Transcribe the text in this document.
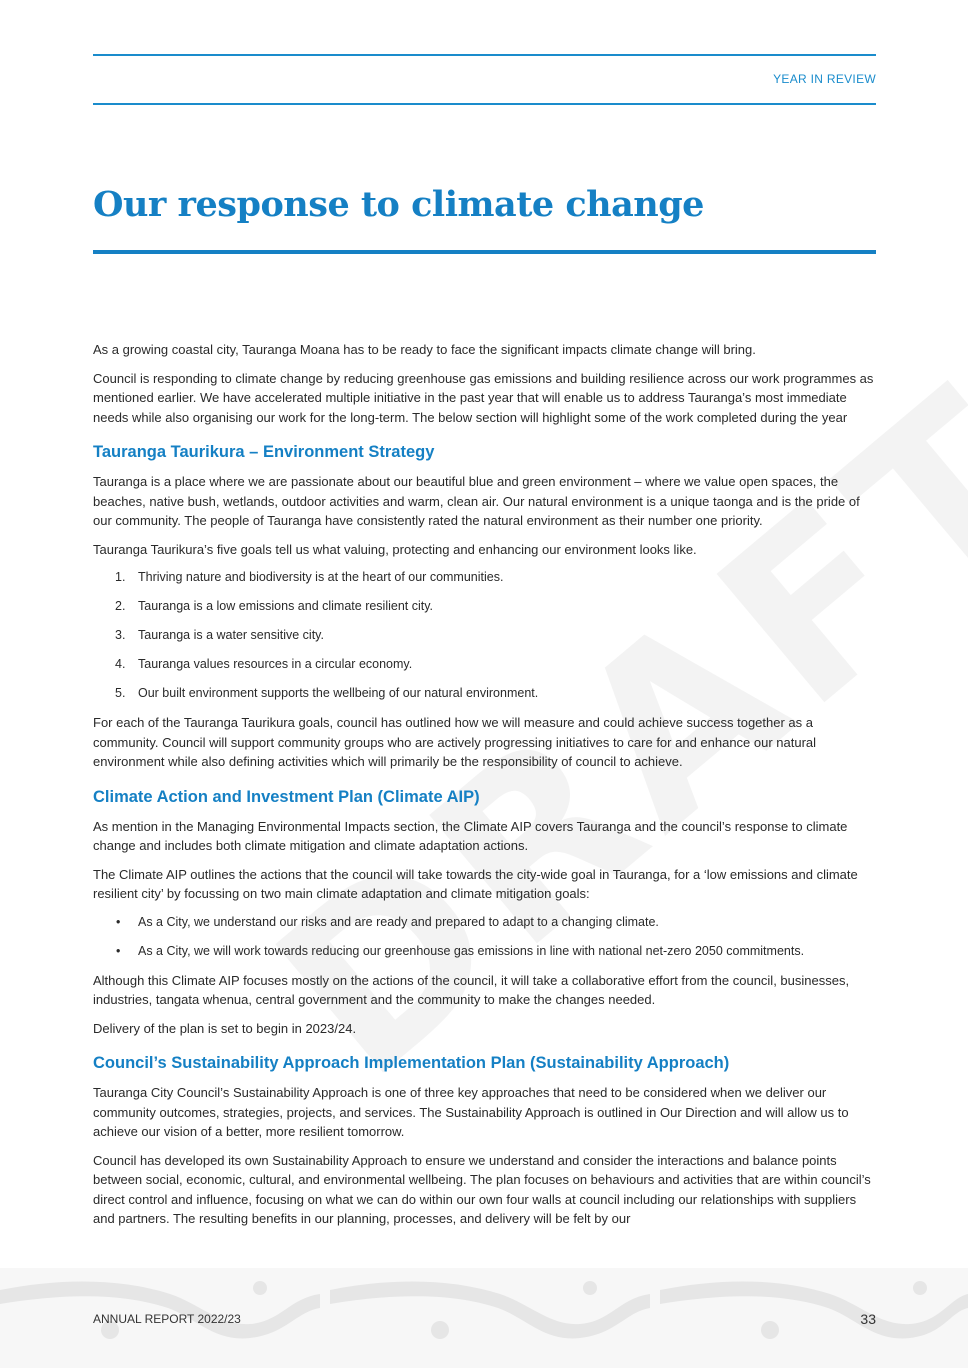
YEAR IN REVIEW
Our response to climate change

As a growing coastal city, Tauranga Moana has to be ready to face the significant impacts climate change will bring.

Council is responding to climate change by reducing greenhouse gas emissions and building resilience across our work programmes as mentioned earlier. We have accelerated multiple initiative in the past year that will enable us to address Tauranga’s most immediate needs while also organising our work for the long-term. The below section will highlight some of the work completed during the year

Tauranga Taurikura – Environment Strategy

Tauranga is a place where we are passionate about our beautiful blue and green environment – where we value open spaces, the beaches, native bush, wetlands, outdoor activities and warm, clean air. Our natural environment is a unique taonga and is the pride of our community. The people of Tauranga have consistently rated the natural environment as their number one priority.

Tauranga Taurikura’s five goals tell us what valuing, protecting and enhancing our environment looks like.

1. Thriving nature and biodiversity is at the heart of our communities.
2. Tauranga is a low emissions and climate resilient city.
3. Tauranga is a water sensitive city.
4. Tauranga values resources in a circular economy.
5. Our built environment supports the wellbeing of our natural environment.

For each of the Tauranga Taurikura goals, council has outlined how we will measure and could achieve success together as a community. Council will support community groups who are actively progressing initiatives to care for and enhance our natural environment while also defining activities which will primarily be the responsibility of council to achieve.

Climate Action and Investment Plan (Climate AIP)

As mention in the Managing Environmental Impacts section, the Climate AIP covers Tauranga and the council’s response to climate change and includes both climate mitigation and climate adaptation actions.

The Climate AIP outlines the actions that the council will take towards the city-wide goal in Tauranga, for a ‘low emissions and climate resilient city’ by focussing on two main climate adaptation and climate mitigation goals:

• As a City, we understand our risks and are ready and prepared to adapt to a changing climate.
• As a City, we will work towards reducing our greenhouse gas emissions in line with national net-zero 2050 commitments.

Although this Climate AIP focuses mostly on the actions of the council, it will take a collaborative effort from the council, businesses, industries, tangata whenua, central government and the community to make the changes needed.

Delivery of the plan is set to begin in 2023/24.

Council’s Sustainability Approach Implementation Plan (Sustainability Approach)

Tauranga City Council’s Sustainability Approach is one of three key approaches that need to be considered when we deliver our community outcomes, strategies, projects, and services. The Sustainability Approach is outlined in Our Direction and will allow us to achieve our vision of a better, more resilient tomorrow.

Council has developed its own Sustainability Approach to ensure we understand and consider the interactions and balance points between social, economic, cultural, and environmental wellbeing. The plan focuses on behaviours and activities that are within council’s direct control and influence, focusing on what we can do within our own four walls at council including our relationships with suppliers and partners. The resulting benefits in our planning, processes, and delivery will be felt by our

ANNUAL REPORT 2022/23	33
